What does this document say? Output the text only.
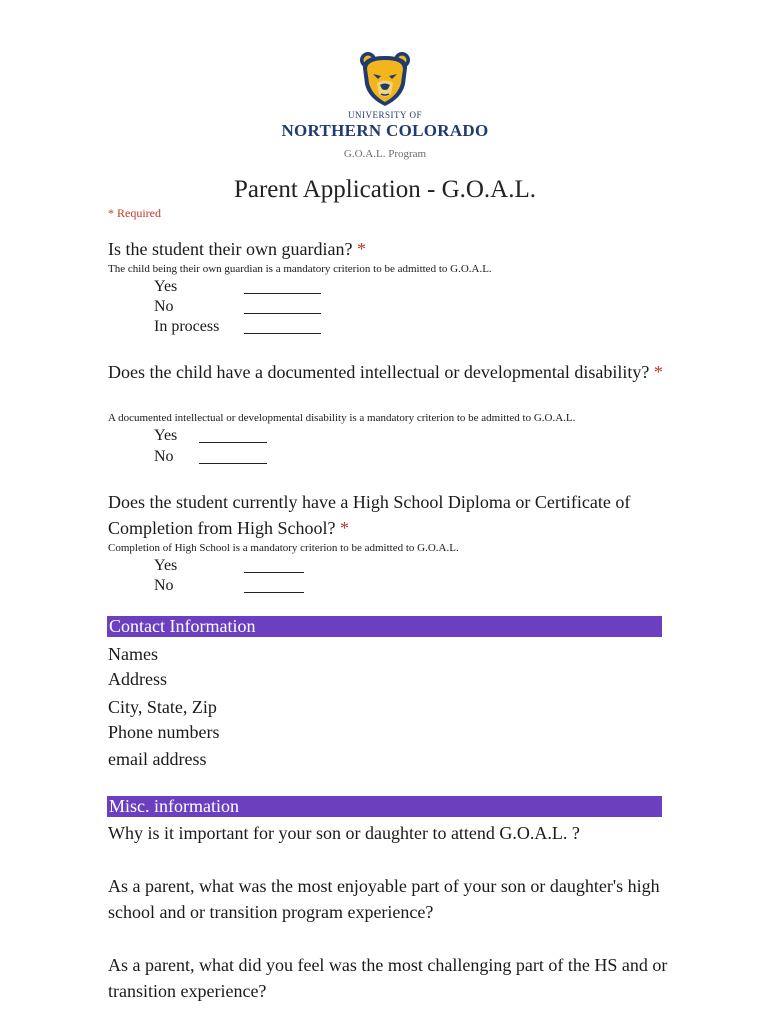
UNIVERSITY OF
NORTHERN COLORADO
G.O.A.L. Program
Parent Application - G.O.A.L.
* Required
Is the student their own guardian? *
The child being their own guardian is a mandatory criterion to be admitted to G.O.A.L.
Yes
No
In process
Does the child have a documented intellectual or developmental disability? *
A documented intellectual or developmental disability is a mandatory criterion to be admitted to G.O.A.L.
Yes
No
Does the student currently have a High School Diploma or Certificate of Completion from High School? *
Completion of High School is a mandatory criterion to be admitted to G.O.A.L.
Yes
No
Contact Information
Names
Address
City, State, Zip
Phone numbers
email address
Misc. information
Why is it important for your son or daughter to attend G.O.A.L. ?
As a parent, what was the most enjoyable part of your son or daughter's high school and or transition program experience?
As a parent, what did you feel was the most challenging part of the HS and or transition experience?
